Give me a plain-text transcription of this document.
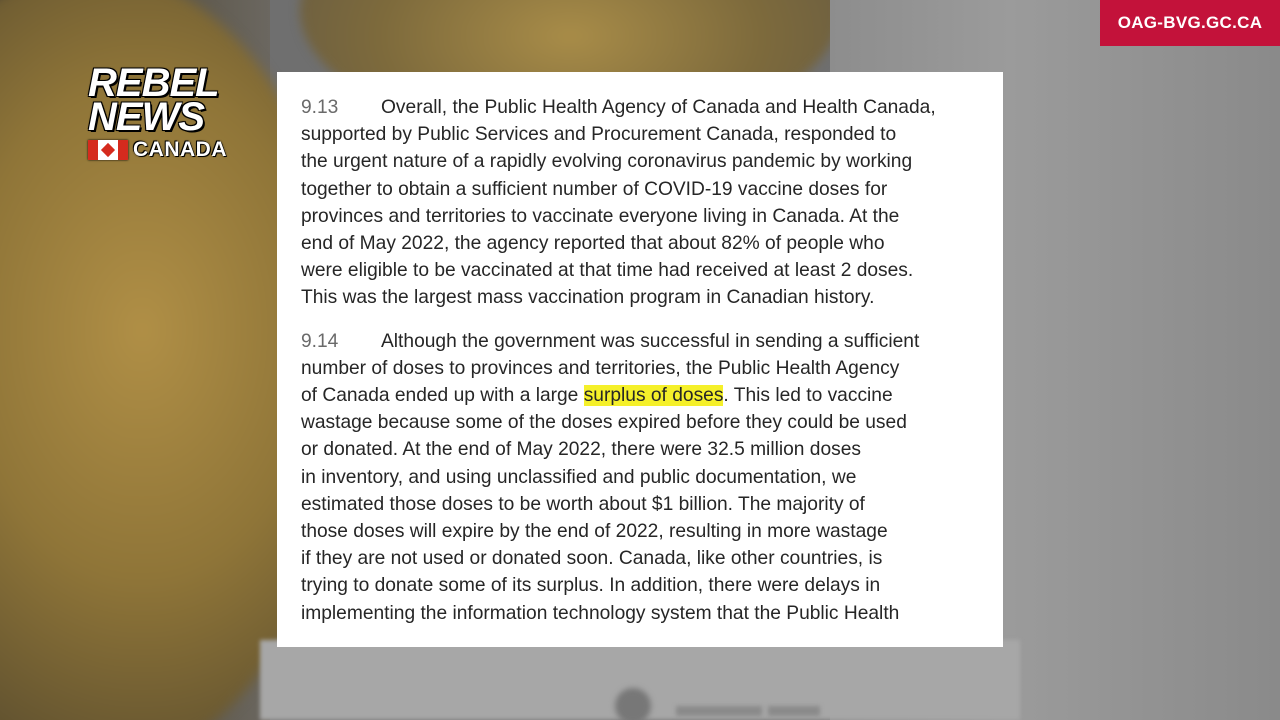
REBEL
NEWS
CANADA
OAG-BVG.GC.CA

9.13 Overall, the Public Health Agency of Canada and Health Canada,
supported by Public Services and Procurement Canada, responded to
the urgent nature of a rapidly evolving coronavirus pandemic by working
together to obtain a sufficient number of COVID-19 vaccine doses for
provinces and territories to vaccinate everyone living in Canada. At the
end of May 2022, the agency reported that about 82% of people who
were eligible to be vaccinated at that time had received at least 2 doses.
This was the largest mass vaccination program in Canadian history.

9.14 Although the government was successful in sending a sufficient
number of doses to provinces and territories, the Public Health Agency
of Canada ended up with a large surplus of doses. This led to vaccine
wastage because some of the doses expired before they could be used
or donated. At the end of May 2022, there were 32.5 million doses
in inventory, and using unclassified and public documentation, we
estimated those doses to be worth about $1 billion. The majority of
those doses will expire by the end of 2022, resulting in more wastage
if they are not used or donated soon. Canada, like other countries, is
trying to donate some of its surplus. In addition, there were delays in
implementing the information technology system that the Public Health
